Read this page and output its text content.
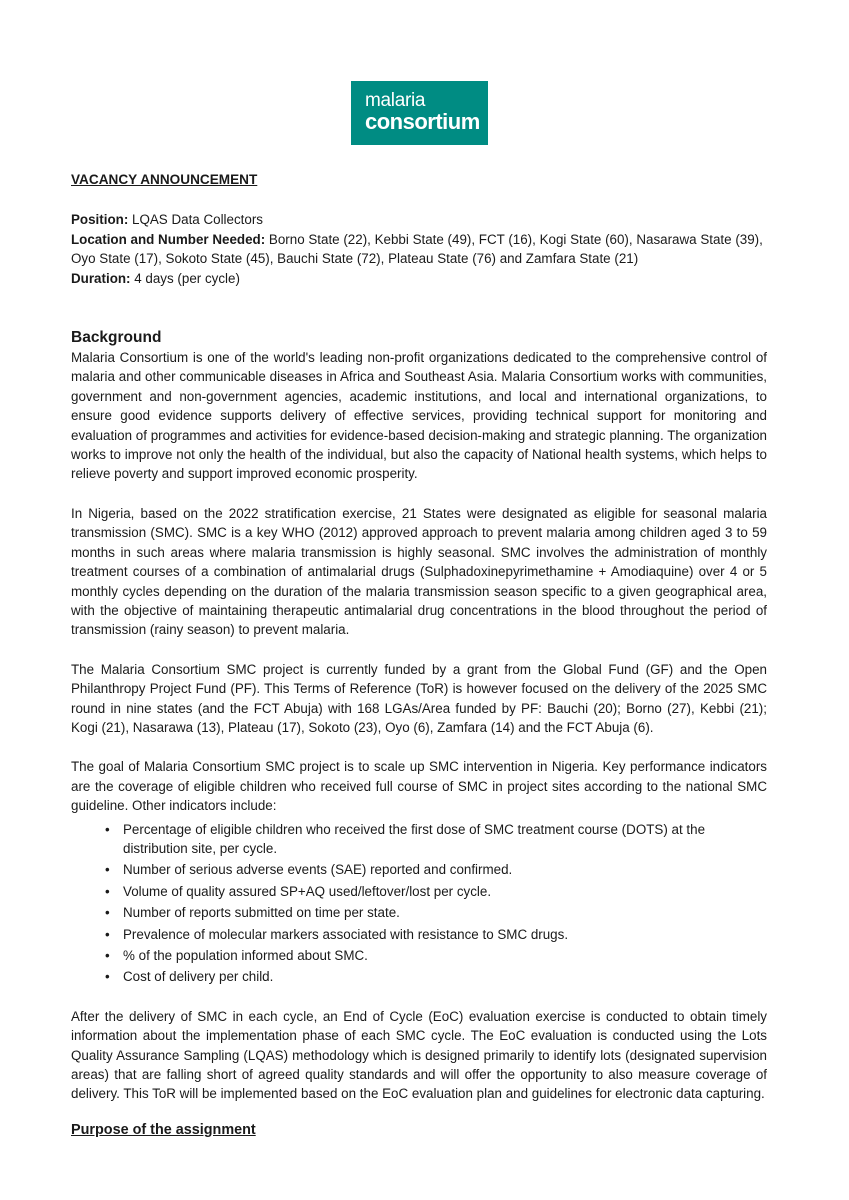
malaria
consortium
VACANCY ANNOUNCEMENT
Position: LQAS Data Collectors
Location and Number Needed: Borno State (22), Kebbi State (49), FCT (16), Kogi State (60), Nasarawa State (39), Oyo State (17), Sokoto State (45), Bauchi State (72), Plateau State (76) and Zamfara State (21)
Duration: 4 days (per cycle)
Background

Malaria Consortium is one of the world's leading non-profit organizations dedicated to the comprehensive control of malaria and other communicable diseases in Africa and Southeast Asia. Malaria Consortium works with communities, government and non-government agencies, academic institutions, and local and international organizations, to ensure good evidence supports delivery of effective services, providing technical support for monitoring and evaluation of programmes and activities for evidence-based decision-making and strategic planning. The organization works to improve not only the health of the individual, but also the capacity of National health systems, which helps to relieve poverty and support improved economic prosperity.

In Nigeria, based on the 2022 stratification exercise, 21 States were designated as eligible for seasonal malaria transmission (SMC). SMC is a key WHO (2012) approved approach to prevent malaria among children aged 3 to 59 months in such areas where malaria transmission is highly seasonal. SMC involves the administration of monthly treatment courses of a combination of antimalarial drugs (Sulphadoxinepyrimethamine + Amodiaquine) over 4 or 5 monthly cycles depending on the duration of the malaria transmission season specific to a given geographical area, with the objective of maintaining therapeutic antimalarial drug concentrations in the blood throughout the period of transmission (rainy season) to prevent malaria.

The Malaria Consortium SMC project is currently funded by a grant from the Global Fund (GF) and the Open Philanthropy Project Fund (PF). This Terms of Reference (ToR) is however focused on the delivery of the 2025 SMC round in nine states (and the FCT Abuja) with 168 LGAs/Area funded by PF: Bauchi (20); Borno (27), Kebbi (21); Kogi (21), Nasarawa (13), Plateau (17), Sokoto (23), Oyo (6), Zamfara (14) and the FCT Abuja (6).

The goal of Malaria Consortium SMC project is to scale up SMC intervention in Nigeria. Key performance indicators are the coverage of eligible children who received full course of SMC in project sites according to the national SMC guideline. Other indicators include:

• Percentage of eligible children who received the first dose of SMC treatment course (DOTS) at the distribution site, per cycle.
• Number of serious adverse events (SAE) reported and confirmed.
• Volume of quality assured SP+AQ used/leftover/lost per cycle.
• Number of reports submitted on time per state.
• Prevalence of molecular markers associated with resistance to SMC drugs.
• % of the population informed about SMC.
• Cost of delivery per child.

After the delivery of SMC in each cycle, an End of Cycle (EoC) evaluation exercise is conducted to obtain timely information about the implementation phase of each SMC cycle. The EoC evaluation is conducted using the Lots Quality Assurance Sampling (LQAS) methodology which is designed primarily to identify lots (designated supervision areas) that are falling short of agreed quality standards and will offer the opportunity to also measure coverage of delivery. This ToR will be implemented based on the EoC evaluation plan and guidelines for electronic data capturing.

Purpose of the assignment
